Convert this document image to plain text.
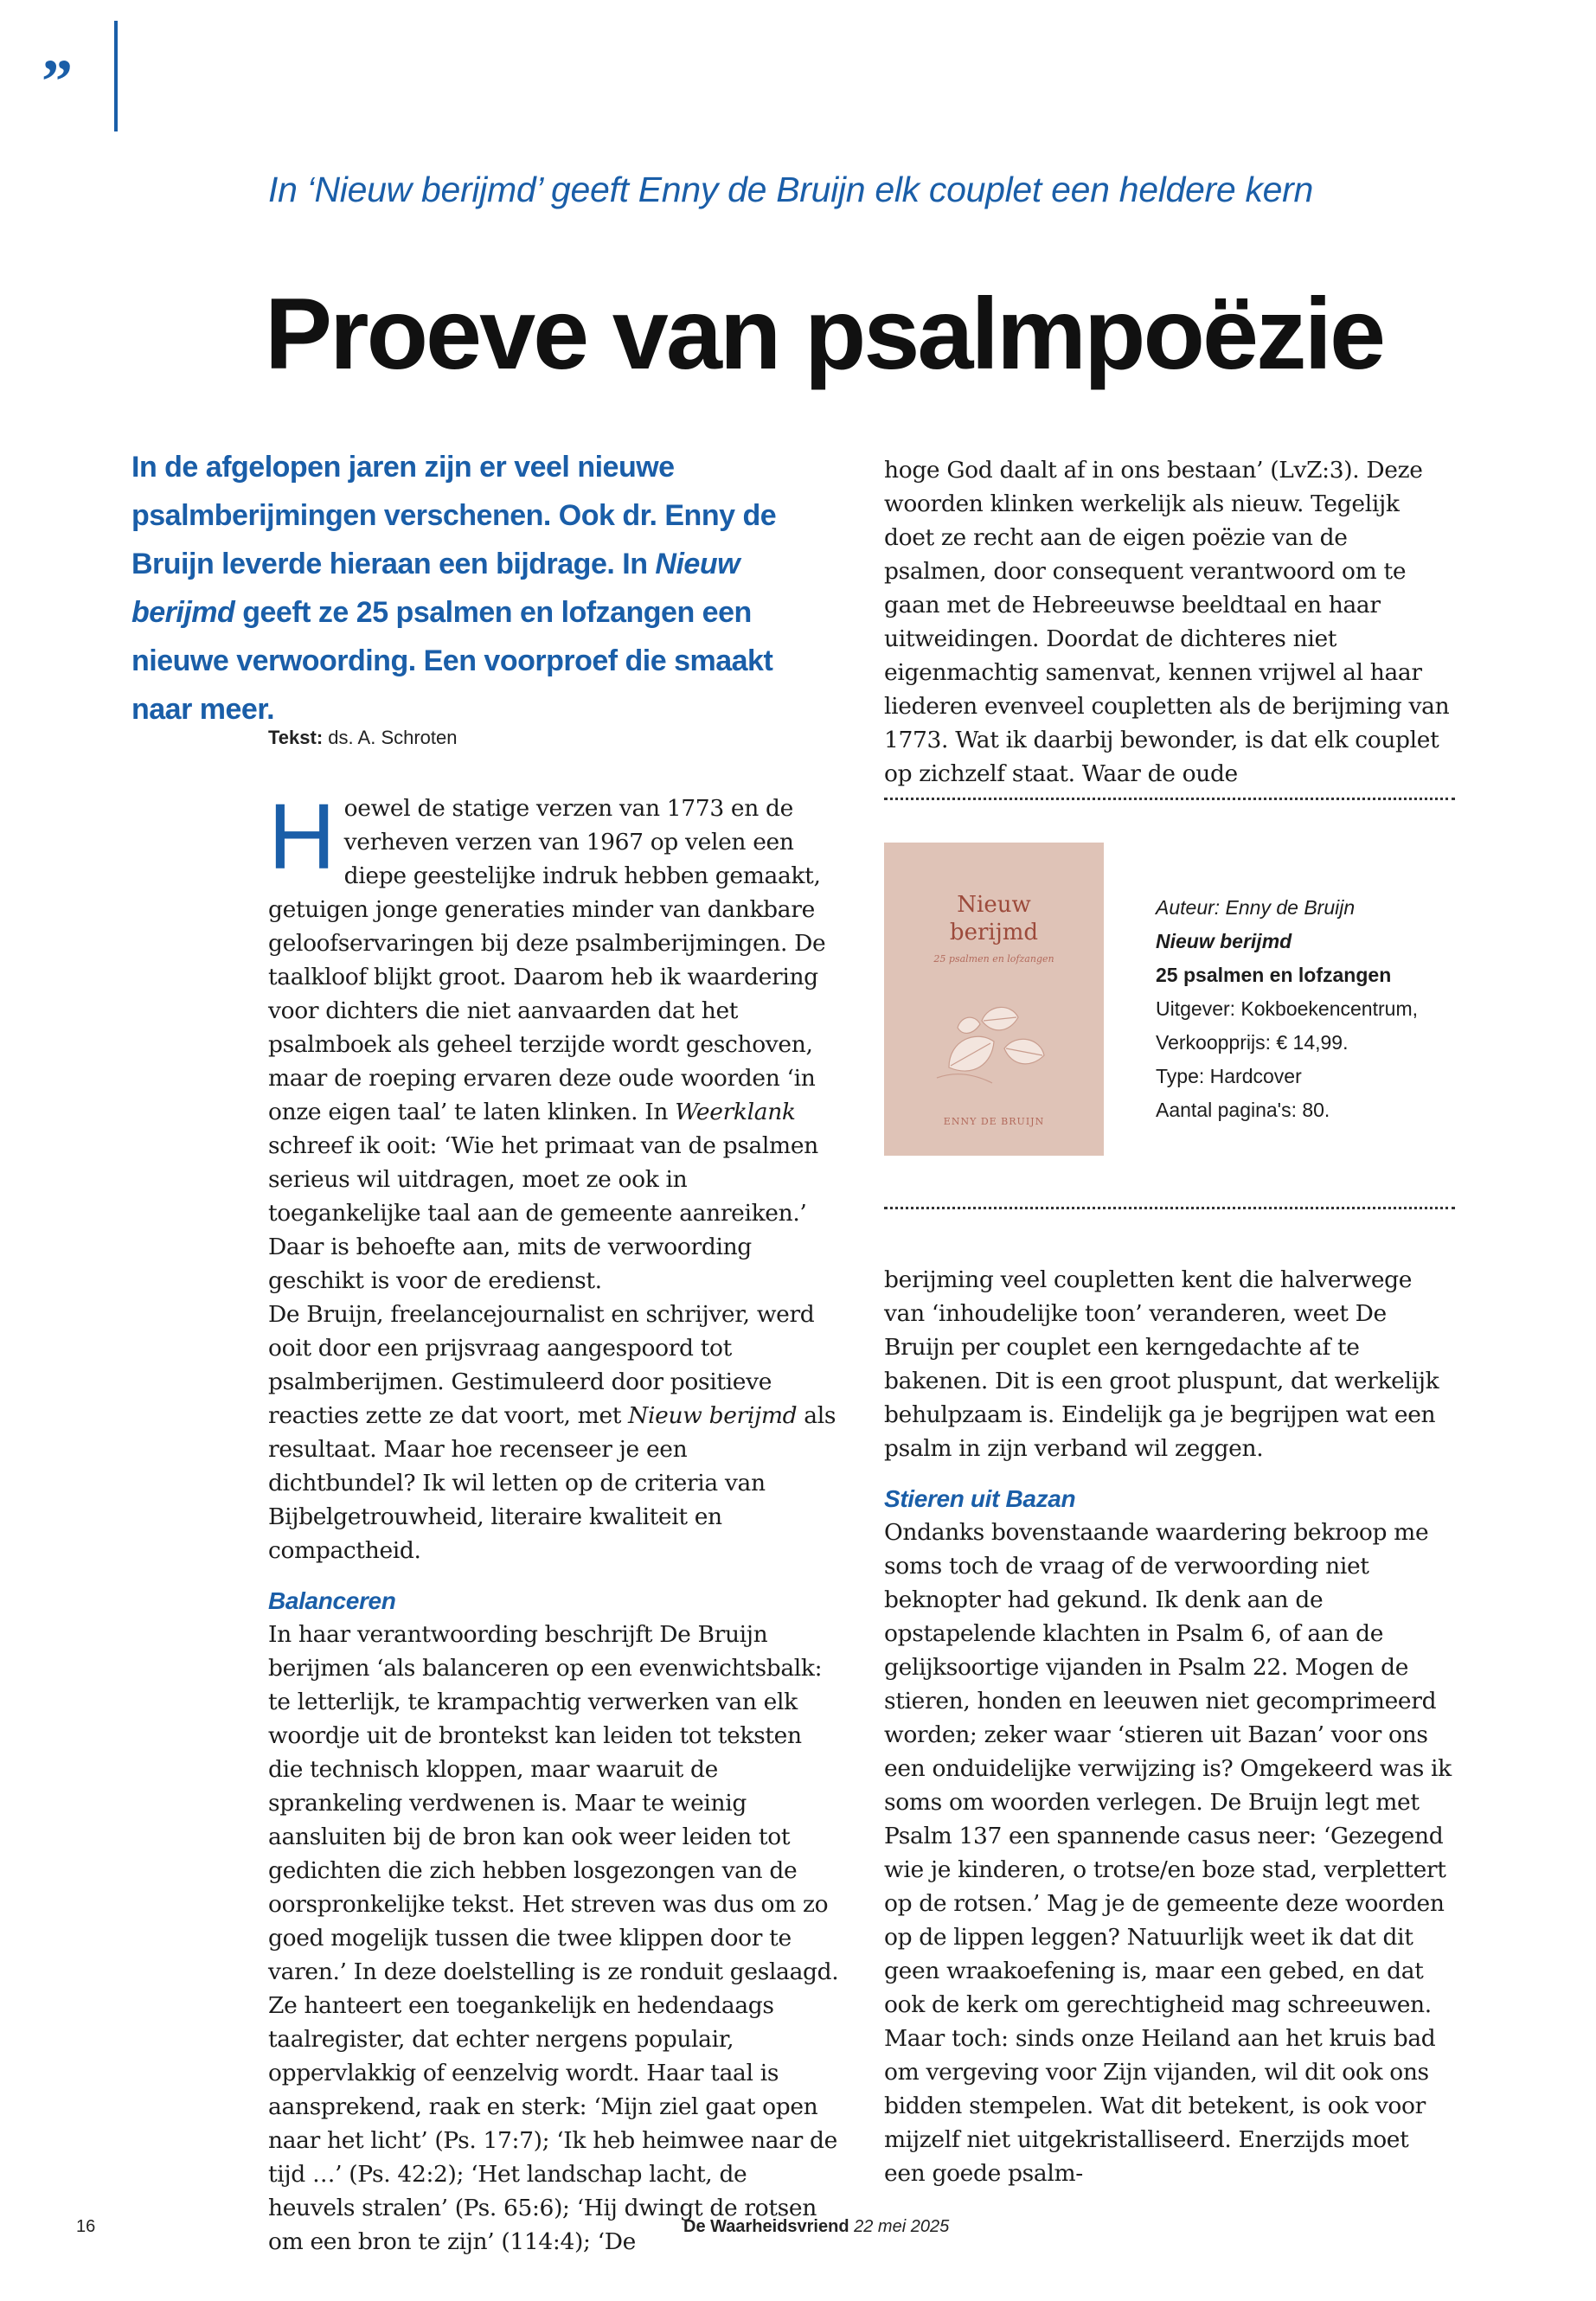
”
In ‘Nieuw berijmd’ geeft Enny de Bruijn elk couplet een heldere kern
Proeve van psalmpoëzie

In de afgelopen jaren zijn er veel nieuwe psalmberijmingen verschenen. Ook dr. Enny de Bruijn leverde hieraan een bijdrage. In Nieuw berijmd geeft ze 25 psalmen en lofzangen een nieuwe verwoording. Een voorproef die smaakt naar meer.

Tekst: ds. A. Schroten

Hoewel de statige verzen van 1773 en de verheven verzen van 1967 op velen een diepe geestelijke indruk hebben gemaakt, getuigen jonge generaties minder van dankbare geloofservaringen bij deze psalmberijmingen. De taalkloof blijkt groot. Daarom heb ik waardering voor dichters die niet aanvaarden dat het psalmboek als geheel terzijde wordt geschoven, maar de roeping ervaren deze oude woorden ‘in onze eigen taal’ te laten klinken. In Weerklank schreef ik ooit: ‘Wie het primaat van de psalmen serieus wil uitdragen, moet ze ook in toegankelijke taal aan de gemeente aanreiken.’ Daar is behoefte aan, mits de verwoording geschikt is voor de eredienst.

De Bruijn, freelancejournalist en schrijver, werd ooit door een prijsvraag aangespoord tot psalmberijmen. Gestimuleerd door positieve reacties zette ze dat voort, met Nieuw berijmd als resultaat. Maar hoe recenseer je een dichtbundel? Ik wil letten op de criteria van Bijbelgetrouwheid, literaire kwaliteit en compactheid.

Balanceren

In haar verantwoording beschrijft De Bruijn berijmen ‘als balanceren op een evenwichtsbalk: te letterlijk, te krampachtig verwerken van elk woordje uit de brontekst kan leiden tot teksten die technisch kloppen, maar waaruit de sprankeling verdwenen is. Maar te weinig aansluiten bij de bron kan ook weer leiden tot gedichten die zich hebben losgezongen van de oorspronkelijke tekst. Het streven was dus om zo goed mogelijk tussen die twee klippen door te varen.’ In deze doelstelling is ze ronduit geslaagd. Ze hanteert een toegankelijk en hedendaags taalregister, dat echter nergens populair, oppervlakkig of eenzelvig wordt. Haar taal is aansprekend, raak en sterk: ‘Mijn ziel gaat open naar het licht’ (Ps. 17:7); ‘Ik heb heimwee naar de tijd …’ (Ps. 42:2); ‘Het landschap lacht, de heuvels stralen’ (Ps. 65:6); ‘Hij dwingt de rotsen om een bron te zijn’ (114:4); ‘De

hoge God daalt af in ons bestaan’ (LvZ:3). Deze woorden klinken werkelijk als nieuw. Tegelijk doet ze recht aan de eigen poëzie van de psalmen, door consequent verantwoord om te gaan met de Hebreeuwse beeldtaal en haar uitweidingen. Doordat de dichteres niet eigenmachtig samenvat, kennen vrijwel al haar liederen evenveel coupletten als de berijming van 1773. Wat ik daarbij bewonder, is dat elk couplet op zichzelf staat. Waar de oude

Nieuw
berijmd
25 psalmen en lofzangen
ENNY DE BRUIJN
Auteur: Enny de Bruijn
Nieuw berijmd
25 psalmen en lofzangen
Uitgever: Kokboekencentrum,
Verkoopprijs: € 14,99.
Type: Hardcover
Aantal pagina's: 80.

berijming veel coupletten kent die halverwege van ‘inhoudelijke toon’ veranderen, weet De Bruijn per couplet een kerngedachte af te bakenen. Dit is een groot pluspunt, dat werkelijk behulpzaam is. Eindelijk ga je begrijpen wat een psalm in zijn verband wil zeggen.

Stieren uit Bazan

Ondanks bovenstaande waardering bekroop me soms toch de vraag of de verwoording niet beknopter had gekund. Ik denk aan de opstapelende klachten in Psalm 6, of aan de gelijksoortige vijanden in Psalm 22. Mogen de stieren, honden en leeuwen niet gecomprimeerd worden; zeker waar ‘stieren uit Bazan’ voor ons een onduidelijke verwijzing is? Omgekeerd was ik soms om woorden verlegen. De Bruijn legt met Psalm 137 een spannende casus neer: ‘Gezegend wie je kinderen, o trotse/en boze stad, verplettert op de rotsen.’ Mag je de gemeente deze woorden op de lippen leggen? Natuurlijk weet ik dat dit geen wraakoefening is, maar een gebed, en dat ook de kerk om gerechtigheid mag schreeuwen. Maar toch: sinds onze Heiland aan het kruis bad om vergeving voor Zijn vijanden, wil dit ook ons bidden stempelen. Wat dit betekent, is ook voor mijzelf niet uitgekristalliseerd. Enerzijds moet een goede psalm-

16	De Waarheidsvriend 22 mei 2025
